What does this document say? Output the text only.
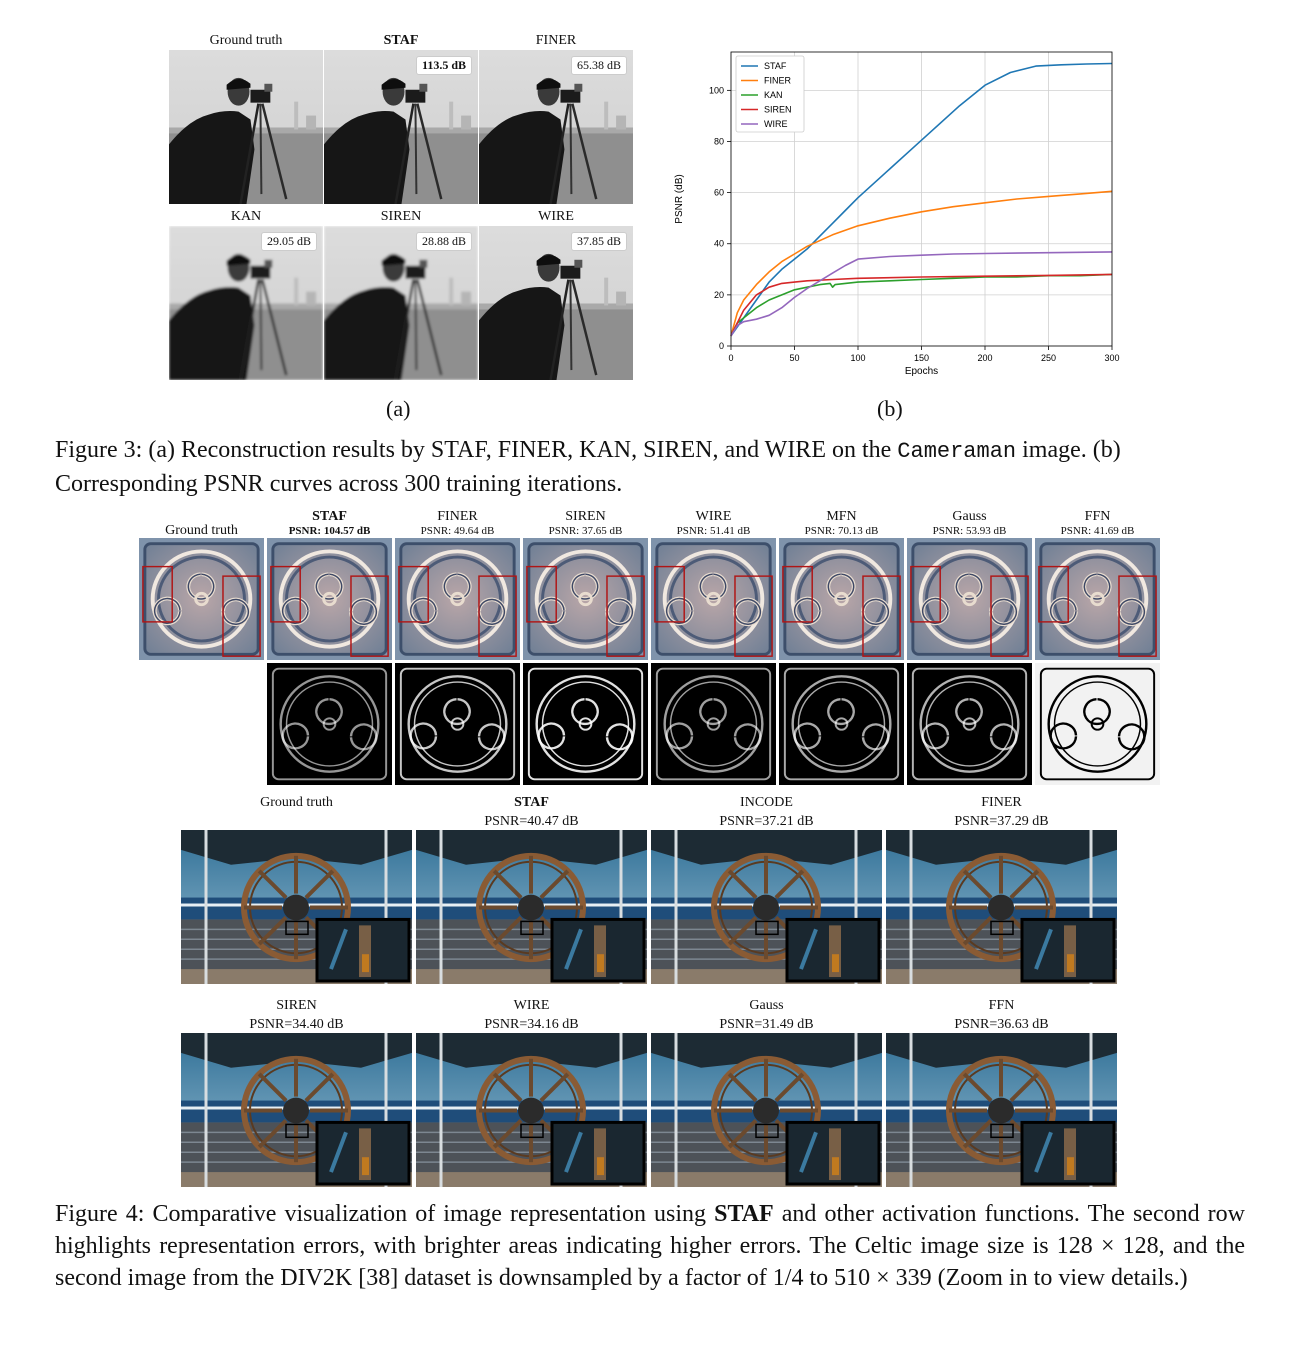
Ground truth	STAF
113.5 dB
FINER
65.38 dB
KAN
29.05 dB
SIREN
28.88 dB
WIRE
37.85 dB
(a)
0	50	100	150	200	250	300
0
20
40
60
80
100
Epochs
PSNR (dB)
STAF
FINER
KAN
SIREN
WIRE
(b)
Figure 3: (a) Reconstruction results by STAF, FINER, KAN, SIREN, and WIRE on the Cameraman image. (b) Corresponding PSNR curves across 300 training iterations.
Ground truth
STAF
PSNR: 104.57 dB
FINER
PSNR: 49.64 dB
SIREN
PSNR: 37.65 dB
WIRE
PSNR: 51.41 dB
MFN
PSNR: 70.13 dB
Gauss
PSNR: 53.93 dB
FFN
PSNR: 41.69 dB
Ground truth	STAF
PSNR=40.47 dB
INCODE
PSNR=37.21 dB
FINER
PSNR=37.29 dB
SIREN
PSNR=34.40 dB
WIRE
PSNR=34.16 dB
Gauss
PSNR=31.49 dB
FFN
PSNR=36.63 dB
Figure 4: Comparative visualization of image representation using STAF and other activation functions. The second row highlights representation errors, with brighter areas indicating higher errors. The Celtic image size is 128 × 128, and the second image from the DIV2K [38] dataset is downsampled by a factor of 1/4 to 510 × 339 (Zoom in to view details.)
